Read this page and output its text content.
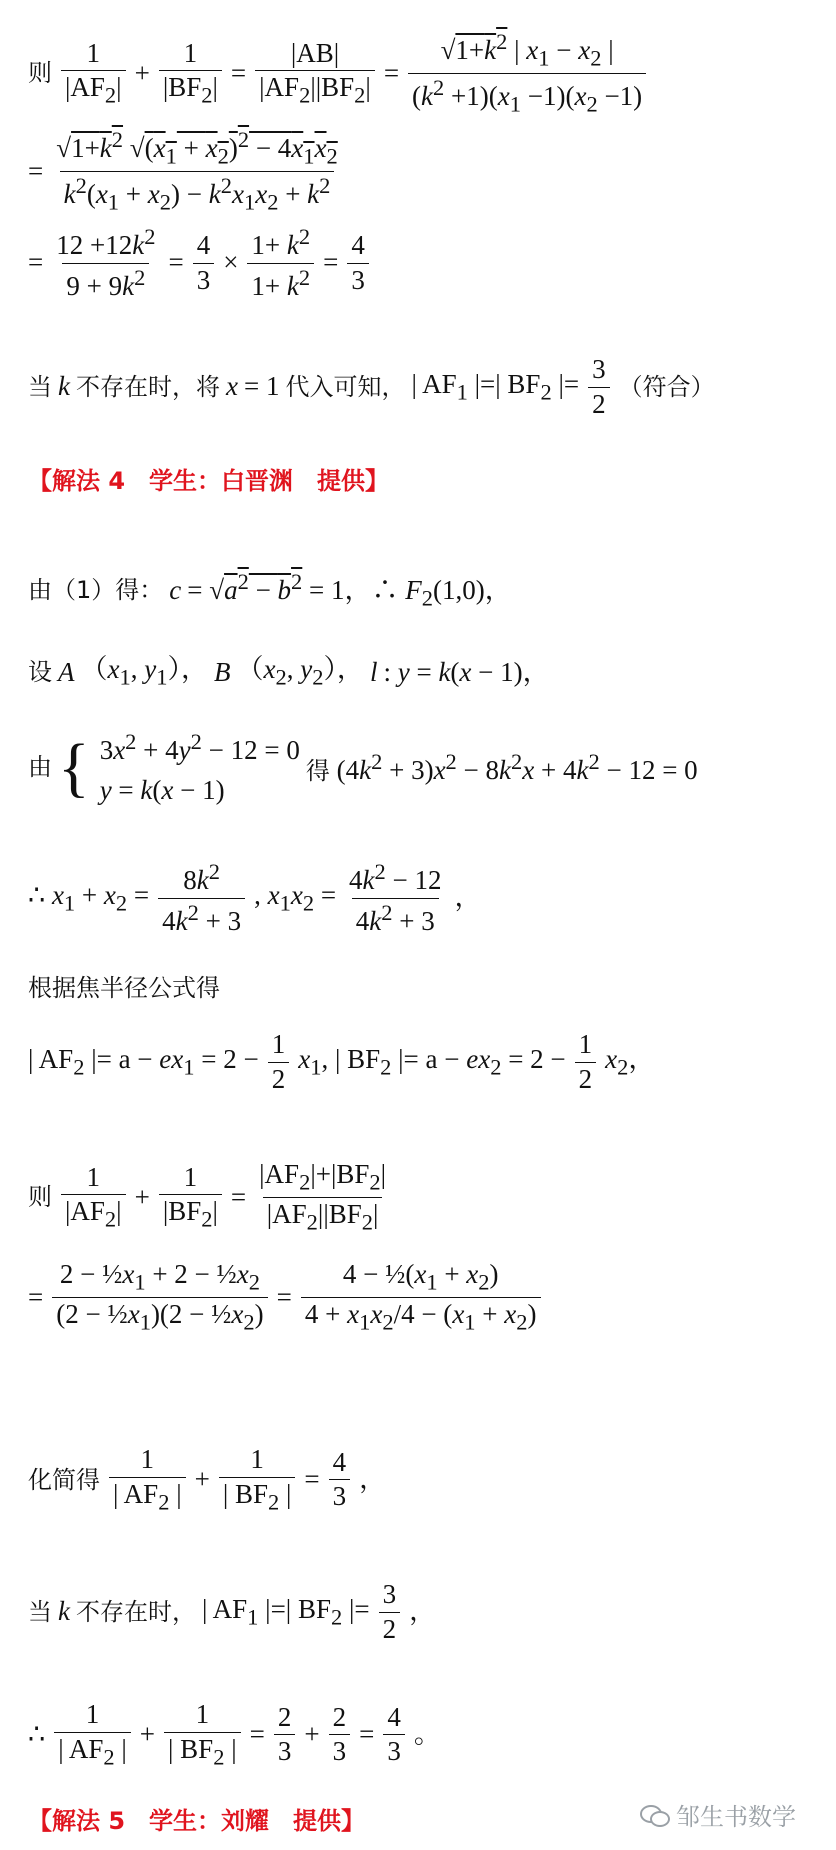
则 $\frac{1}{|AF_2|} + \frac{1}{|BF_2|} = \frac{|AB|}{|AF_2||BF_2|} = \frac{√1+k^2 | x_1 - x_2 |}{(k^2 +1)(x_1 -1)(x_2 -1)}$
= $\frac{√1+k^2 √(x_1 + x_2)^2 - 4x_1x_2}{k^2(x_1 + x_2) - k^2x_1x_2 + k^2}$
= $\frac{12 +12k^2}{9 + 9k^2} = \frac{4}{3} \times \frac{1+ k^2}{1+ k^2} = \frac{4}{3}$
当 k 不存在时，将 x = 1 代入可知， | $AF_1$ |=| $BF_2$ |= $\frac{3}{2}$ （符合）
【解法 4　学生：白晋渊　提供】
由（1）得： $c = √a^2 - b^2 = 1$，∴ $F_2(1,0)$，
设 A （$x_1$, $y_1$）， B （$x_2$, $y_2$）， l : y = k(x − 1)，
由 { $3x^2 + 4y^2 - 12 = 0$
y = k(x − 1)
得 $(4k^2 + 3)x^2 - 8k^2x + 4k^2 - 12 = 0$
∴ $x_1 + x_2 = \frac{8k^2}{4k^2 + 3}$ , $x_1x_2 = \frac{4k^2 - 12}{4k^2 + 3}$ ，
根据焦半径公式得
| $AF_2$ |= $a - ex_1 = 2 - \frac{1}{2} x_1$, | $BF_2$ |= $a - ex_2 = 2 - \frac{1}{2} x_2$，
则 $\frac{1}{|AF_2|} + \frac{1}{|BF_2|} = \frac{|AF_2|+|BF_2|}{|AF_2||BF_2|}$
= $\frac{2 - \frac{1}{2}x_1 + 2 - \frac{1}{2}x_2}{(2 - \frac{1}{2}x_1)(2 - \frac{1}{2}x_2)} = \frac{4 - \frac{1}{2}(x_1 + x_2)}{4 + x_1x_2/4 - (x_1 + x_2)}$
化简得 $\frac{1}{| AF_2 |} + \frac{1}{| BF_2 |} = \frac{4}{3}$ ，
当 k 不存在时， | $AF_1$ |=| $BF_2$ |= $\frac{3}{2}$ ，
∴ $\frac{1}{| AF_2 |} + \frac{1}{| BF_2 |} = \frac{2}{3} + \frac{2}{3} = \frac{4}{3}$ 。
【解法 5　学生：刘耀　提供】	邹生书数学
